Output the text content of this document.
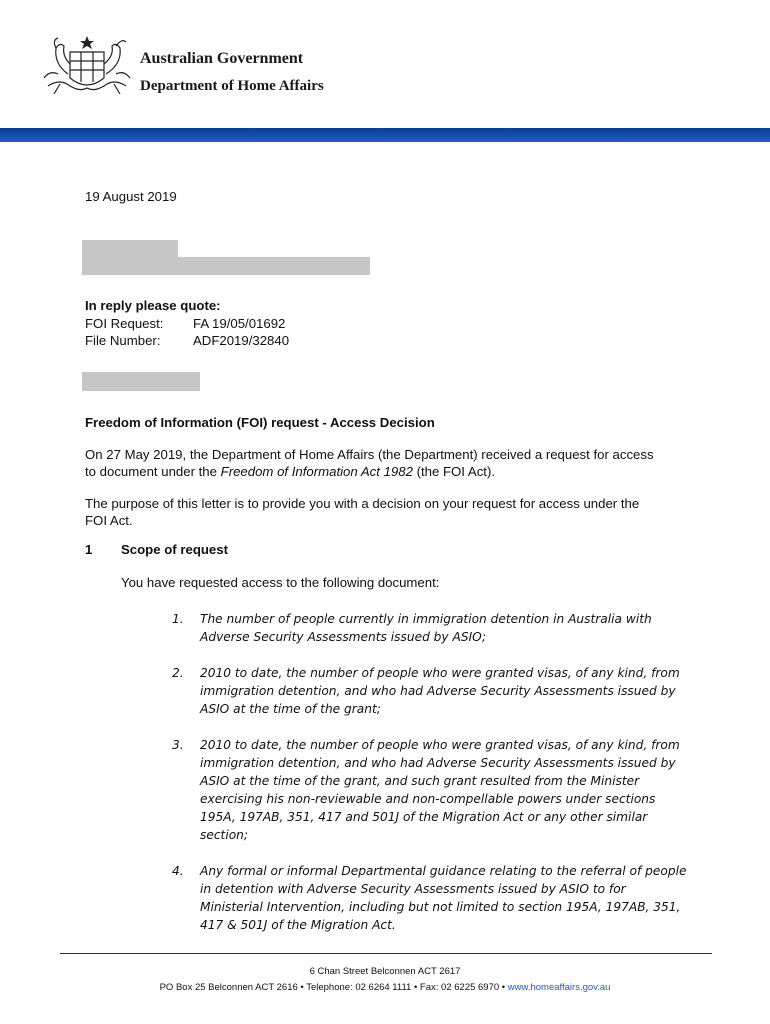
Australian Government
Department of Home Affairs
19 August 2019
In reply please quote:
FOI Request: FA 19/05/01692
File Number: ADF2019/32840
Freedom of Information (FOI) request - Access Decision
On 27 May 2019, the Department of Home Affairs (the Department) received a request for access
to document under the Freedom of Information Act 1982 (the FOI Act).
The purpose of this letter is to provide you with a decision on your request for access under the
FOI Act.
1 Scope of request
You have requested access to the following document:
1. The number of people currently in immigration detention in Australia with Adverse Security Assessments issued by ASIO;
2. 2010 to date, the number of people who were granted visas, of any kind, from immigration detention, and who had Adverse Security Assessments issued by ASIO at the time of the grant;
3. 2010 to date, the number of people who were granted visas, of any kind, from immigration detention, and who had Adverse Security Assessments issued by ASIO at the time of the grant, and such grant resulted from the Minister exercising his non-reviewable and non-compellable powers under sections 195A, 197AB, 351, 417 and 501J of the Migration Act or any other similar section;
4. Any formal or informal Departmental guidance relating to the referral of people in detention with Adverse Security Assessments issued by ASIO to for Ministerial Intervention, including but not limited to section 195A, 197AB, 351, 417 & 501J of the Migration Act.
6 Chan Street Belconnen ACT 2617
PO Box 25 Belconnen ACT 2616 • Telephone: 02 6264 1111 • Fax: 02 6225 6970 • www.homeaffairs.gov.au
